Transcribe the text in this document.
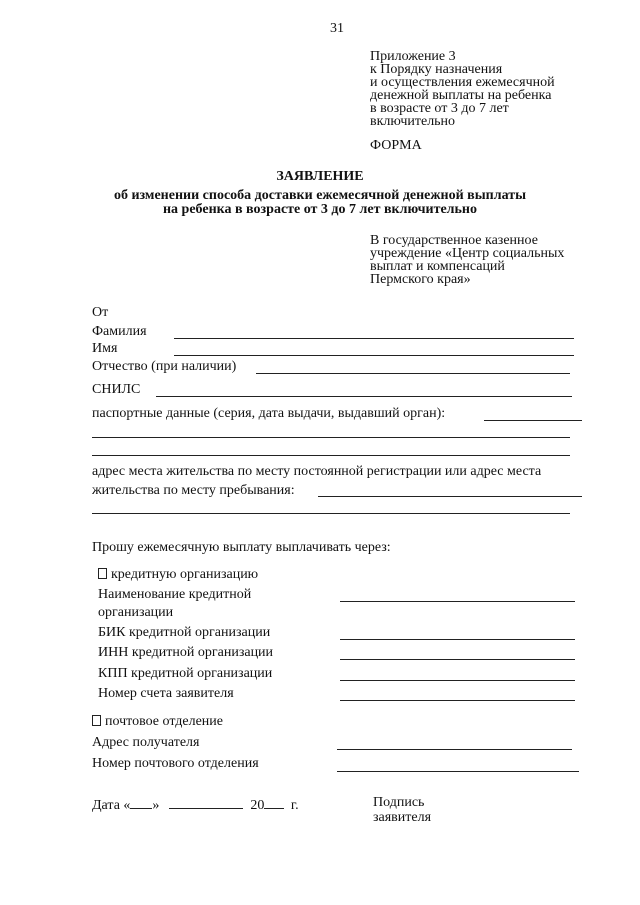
31
Приложение 3
к Порядку назначения
и осуществления ежемесячной
денежной выплаты на ребенка
в возрасте от 3 до 7 лет
включительно
ФОРМА
ЗАЯВЛЕНИЕ
об изменении способа доставки ежемесячной денежной выплаты
на ребенка в возрасте от 3 до 7 лет включительно
В государственное казенное
учреждение «Центр социальных
выплат и компенсаций
Пермского края»
От
Фамилия
Имя
Отчество (при наличии)
СНИЛС
паспортные данные (серия, дата выдачи, выдавший орган):
адрес места жительства по месту постоянной регистрации или адрес места
жительства по месту пребывания:
Прошу ежемесячную выплату выплачивать через:
кредитную организацию
Наименование кредитной
организации
БИК кредитной организации
ИНН кредитной организации
КПП кредитной организации
Номер счета заявителя
почтовое отделение
Адрес получателя
Номер почтового отделения
Дата « »	20 г.	Подпись
заявителя
